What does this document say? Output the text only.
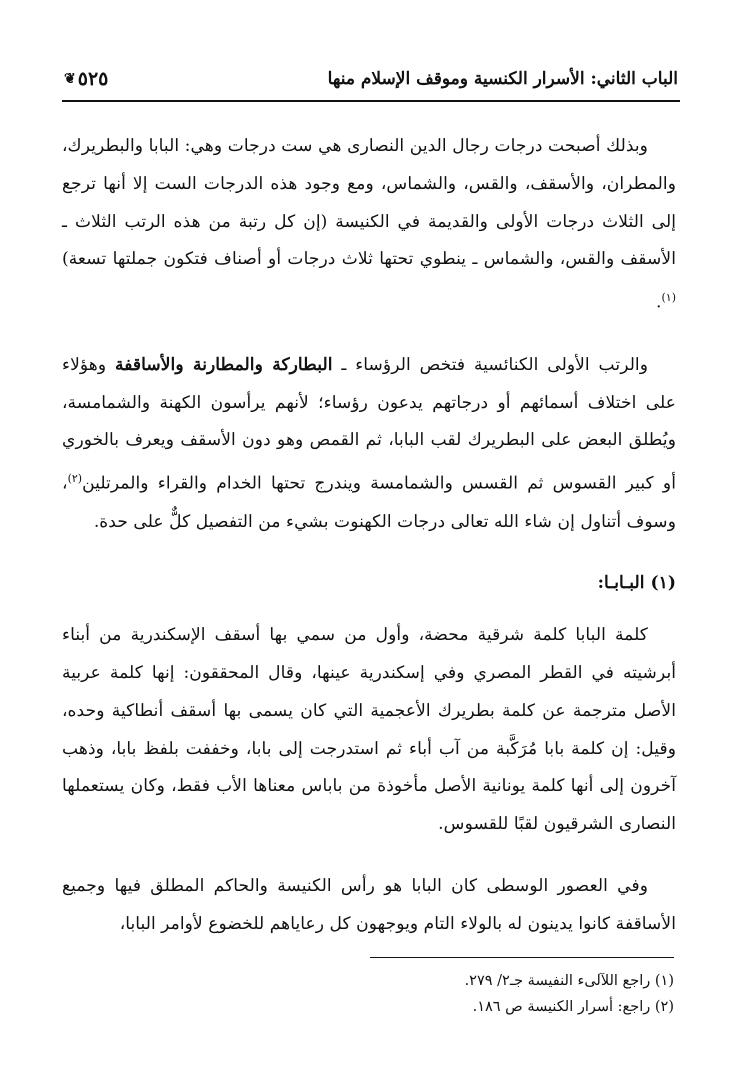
الباب الثاني: الأسرار الكنسية وموقف الإسلام منها
٥٢٥
❦

وبذلك أصبحت درجات رجال الدين النصارى هي ست درجات وهي: البابا والبطريرك، والمطران، والأسقف، والقس، والشماس، ومع وجود هذه الدرجات الست إلا أنها ترجع إلى الثلاث درجات الأولى والقديمة في الكنيسة (إن كل رتبة من هذه الرتب الثلاث ـ الأسقف والقس، والشماس ـ ينطوي تحتها ثلاث درجات أو أصناف فتكون جملتها تسعة)$^{(١)}$.

والرتب الأولى الكنائسية فتخص الرؤساء ـ البطاركة والمطارنة والأساقفة وهؤلاء على اختلاف أسمائهم أو درجاتهم يدعون رؤساء؛ لأنهم يرأسون الكهنة والشمامسة، ويُطلق البعض على البطريرك لقب البابا، ثم القمص وهو دون الأسقف ويعرف بالخوري أو كبير القسوس ثم القسس والشمامسة ويندرج تحتها الخدام والقراء والمرتلين$^{(٢)}$، وسوف أتناول إن شاء الله تعالى درجات الكهنوت بشيء من التفصيل كلٌّ على حدة.

(١) البـابـا:

كلمة البابا كلمة شرقية محضة، وأول من سمي بها أسقف الإسكندرية من أبناء أبرشيته في القطر المصري وفي إسكندرية عينها، وقال المحققون: إنها كلمة عربية الأصل مترجمة عن كلمة بطريرك الأعجمية التي كان يسمى بها أسقف أنطاكية وحده، وقيل: إن كلمة بابا مُرَكَّبة من آب أباء ثم استدرجت إلى بابا، وخففت بلفظ بابا، وذهب آخرون إلى أنها كلمة يونانية الأصل مأخوذة من باباس معناها الأب فقط، وكان يستعملها النصارى الشرقيون لقبًا للقسوس.

وفي العصور الوسطى كان البابا هو رأس الكنيسة والحاكم المطلق فيها وجميع الأساقفة كانوا يدينون له بالولاء التام ويوجهون كل رعاياهم للخضوع لأوامر البابا،

(١) راجع اللآلىء النفيسة جـ٢/ ٢٧٩.
(٢) راجع: أسرار الكنيسة ص ١٨٦.
